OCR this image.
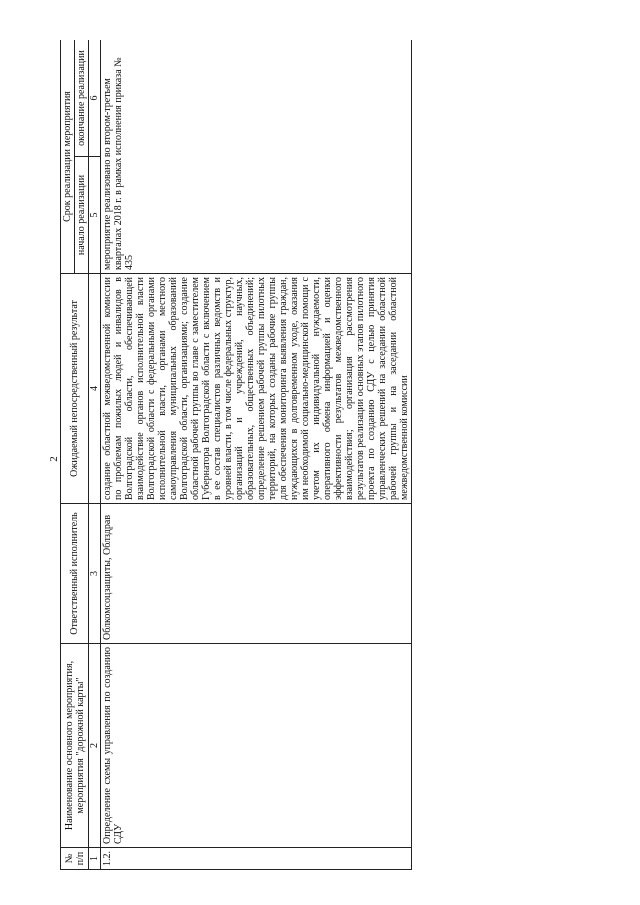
2
№ п/п	Наименование основного мероприятия, мероприятия "дорожной карты"	Ответственный исполнитель	Ожидаемый непосредственный результат	Срок реализации мероприятия	
				начало реализации	окончание реализации
1	2	3	4	5	6
1.2.	Определение схемы управления по созданию СДУ	Облкомсоцзащиты, Облздрав	создание областной межведомственной комиссии по проблемам пожилых людей и инвалидов в Волгоградской области, обеспечивающей взаимодействие органов исполнительной власти Волгоградской области с федеральными органами исполнительной власти, органами местного самоуправления муниципальных образований Волгоградской области, организациями; создание областной рабочей группы во главе с заместителем Губернатора Волгоградской области с включением в ее состав специалистов различных ведомств и уровней власти, в том числе федеральных структур, организаций и учреждений, научных, образовательных, общественных объединений; определение решением рабочей группы пилотных территорий, на которых созданы рабочие группы для обеспечения мониторинга выявления граждан, нуждающихся в долговременном уходе, оказания им необходимой социально-медицинской помощи с учетом их индивидуальной нуждаемости, оперативного обмена информацией и оценки эффективности результатов межведомственного взаимодействия; организация рассмотрения результатов реализации основных этапов пилотного проекта по созданию СДУ с целью принятия управленческих решений на заседании областной рабочей группы и на заседании областной межведомственной комиссии	мероприятие реализовано во втором-третьем кварталах 2018 г. в рамках исполнения приказа № 435	
